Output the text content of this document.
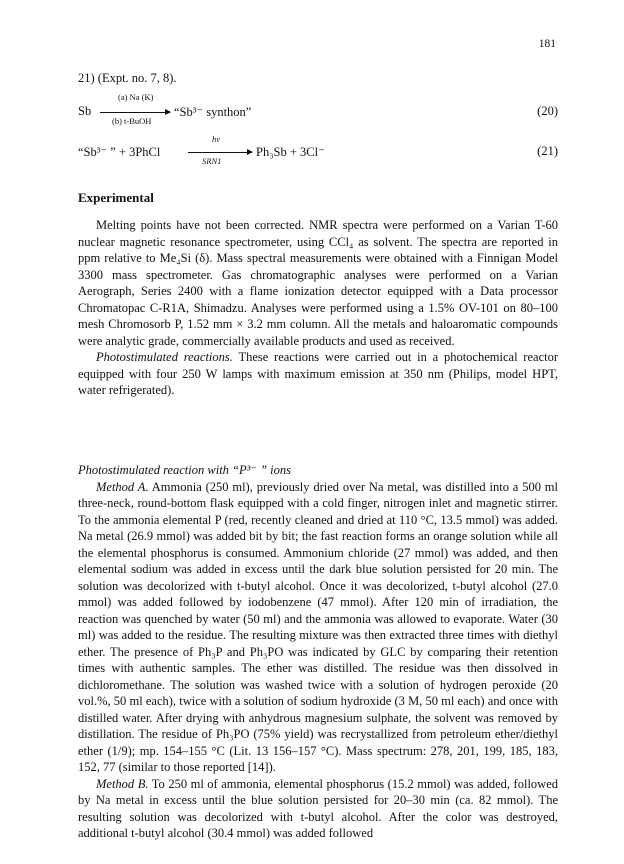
181
21) (Expt. no. 7, 8).
Sb
(a) Na (K)
(b) t-BuOH
“Sb³⁻ synthon”	(20)
“Sb³⁻ ” + 3PhCl
hν
SRN1
Ph₃Sb + 3Cl⁻	(21)
Experimental

Melting points have not been corrected. NMR spectra were performed on a Varian T-60 nuclear magnetic resonance spectrometer, using CCl₄ as solvent. The spectra are reported in ppm relative to Me₄Si (δ). Mass spectral measurements were obtained with a Finnigan Model 3300 mass spectrometer. Gas chromatographic analyses were performed on a Varian Aerograph, Series 2400 with a flame ionization detector equipped with a Data processor Chromatopac C-R1A, Shimadzu. Analyses were performed using a 1.5% OV-101 on 80–100 mesh Chromosorb P, 1.52 mm × 3.2 mm column. All the metals and haloaromatic compounds were analytic grade, commercially available products and used as received.

Photostimulated reactions. These reactions were carried out in a photochemical reactor equipped with four 250 W lamps with maximum emission at 350 nm (Philips, model HPT, water refrigerated).

Photostimulated reaction with “P³⁻ ” ions

Method A. Ammonia (250 ml), previously dried over Na metal, was distilled into a 500 ml three-neck, round-bottom flask equipped with a cold finger, nitrogen inlet and magnetic stirrer. To the ammonia elemental P (red, recently cleaned and dried at 110 °C, 13.5 mmol) was added. Na metal (26.9 mmol) was added bit by bit; the fast reaction forms an orange solution while all the elemental phosphorus is consumed. Ammonium chloride (27 mmol) was added, and then elemental sodium was added in excess until the dark blue solution persisted for 20 min. The solution was decolorized with t-butyl alcohol. Once it was decolorized, t-butyl alcohol (27.0 mmol) was added followed by iodobenzene (47 mmol). After 120 min of irradiation, the reaction was quenched by water (50 ml) and the ammonia was allowed to evaporate. Water (30 ml) was added to the residue. The resulting mixture was then extracted three times with diethyl ether. The presence of Ph₃P and Ph₃PO was indicated by GLC by comparing their retention times with authentic samples. The ether was distilled. The residue was then dissolved in dichloromethane. The solution was washed twice with a solution of hydrogen peroxide (20 vol.%, 50 ml each), twice with a solution of sodium hydroxide (3 M, 50 ml each) and once with distilled water. After drying with anhydrous magnesium sulphate, the solvent was removed by distillation. The residue of Ph₃PO (75% yield) was recrystallized from petroleum ether/diethyl ether (1/9); mp. 154–155 °C (Lit. 13 156–157 °C). Mass spectrum: 278, 201, 199, 185, 183, 152, 77 (similar to those reported [14]).

Method B. To 250 ml of ammonia, elemental phosphorus (15.2 mmol) was added, followed by Na metal in excess until the blue solution persisted for 20–30 min (ca. 82 mmol). The resulting solution was decolorized with t-butyl alcohol. After the color was destroyed, additional t-butyl alcohol (30.4 mmol) was added followed
